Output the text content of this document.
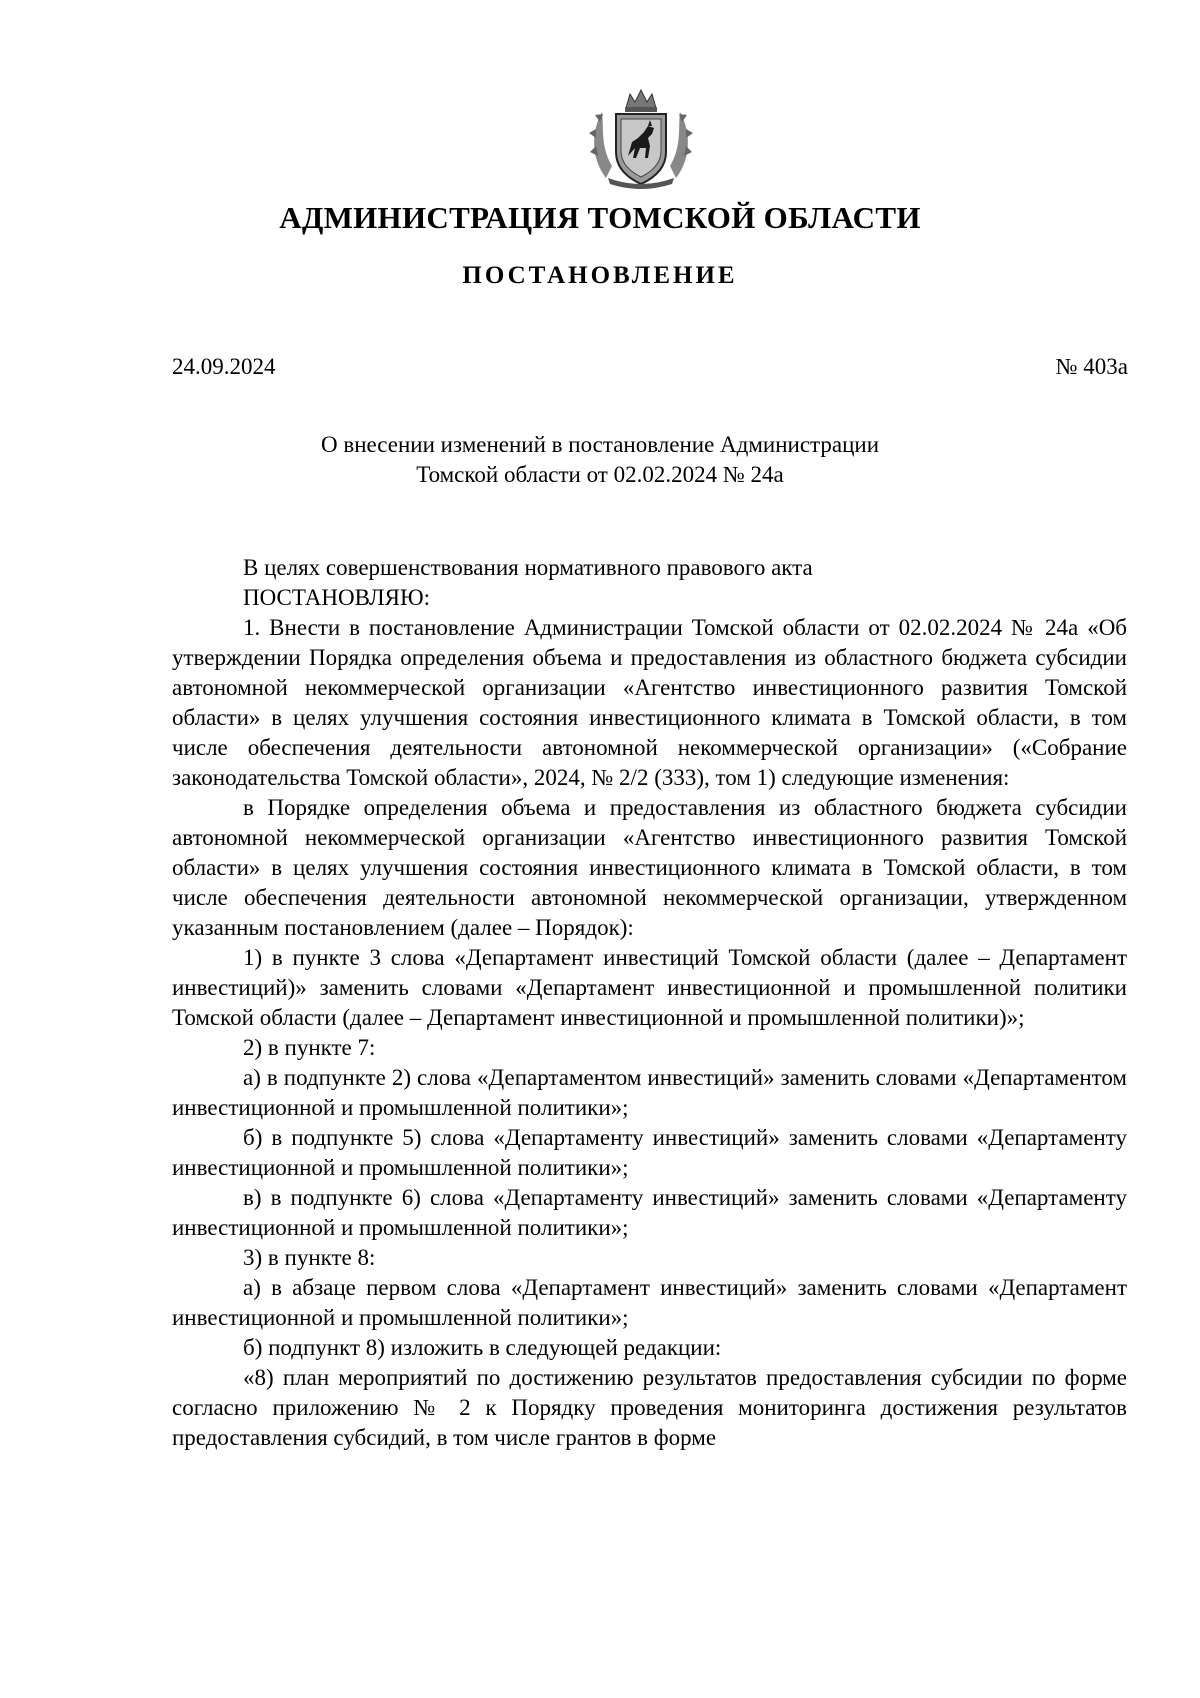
АДМИНИСТРАЦИЯ ТОМСКОЙ ОБЛАСТИ
ПОСТАНОВЛЕНИЕ
24.09.2024	№ 403а
О внесении изменений в постановление Администрации
Томской области от 02.02.2024 № 24а

В целях совершенствования нормативного правового акта

ПОСТАНОВЛЯЮ:

1. Внести в постановление Администрации Томской области от 02.02.2024 № 24а «Об утверждении Порядка определения объема и предоставления из областного бюджета субсидии автономной некоммерческой организации «Агентство инвестиционного развития Томской области» в целях улучшения состояния инвестиционного климата в Томской области, в том числе обеспечения деятельности автономной некоммерческой организации» («Собрание законодательства Томской области», 2024, № 2/2 (333), том 1) следующие изменения:

в Порядке определения объема и предоставления из областного бюджета субсидии автономной некоммерческой организации «Агентство инвестиционного развития Томской области» в целях улучшения состояния инвестиционного климата в Томской области, в том числе обеспечения деятельности автономной некоммерческой организации, утвержденном указанным постановлением (далее – Порядок):

1) в пункте 3 слова «Департамент инвестиций Томской области (далее – Департамент инвестиций)» заменить словами «Департамент инвестиционной и промышленной политики Томской области (далее – Департамент инвестиционной и промышленной политики)»;

2) в пункте 7:

а) в подпункте 2) слова «Департаментом инвестиций» заменить словами «Департаментом инвестиционной и промышленной политики»;

б) в подпункте 5) слова «Департаменту инвестиций» заменить словами «Департаменту инвестиционной и промышленной политики»;

в) в подпункте 6) слова «Департаменту инвестиций» заменить словами «Департаменту инвестиционной и промышленной политики»;

3) в пункте 8:

а) в абзаце первом слова «Департамент инвестиций» заменить словами «Департамент инвестиционной и промышленной политики»;

б) подпункт 8) изложить в следующей редакции:

«8) план мероприятий по достижению результатов предоставления субсидии по форме согласно приложению № 2 к Порядку проведения мониторинга достижения результатов предоставления субсидий, в том числе грантов в форме
